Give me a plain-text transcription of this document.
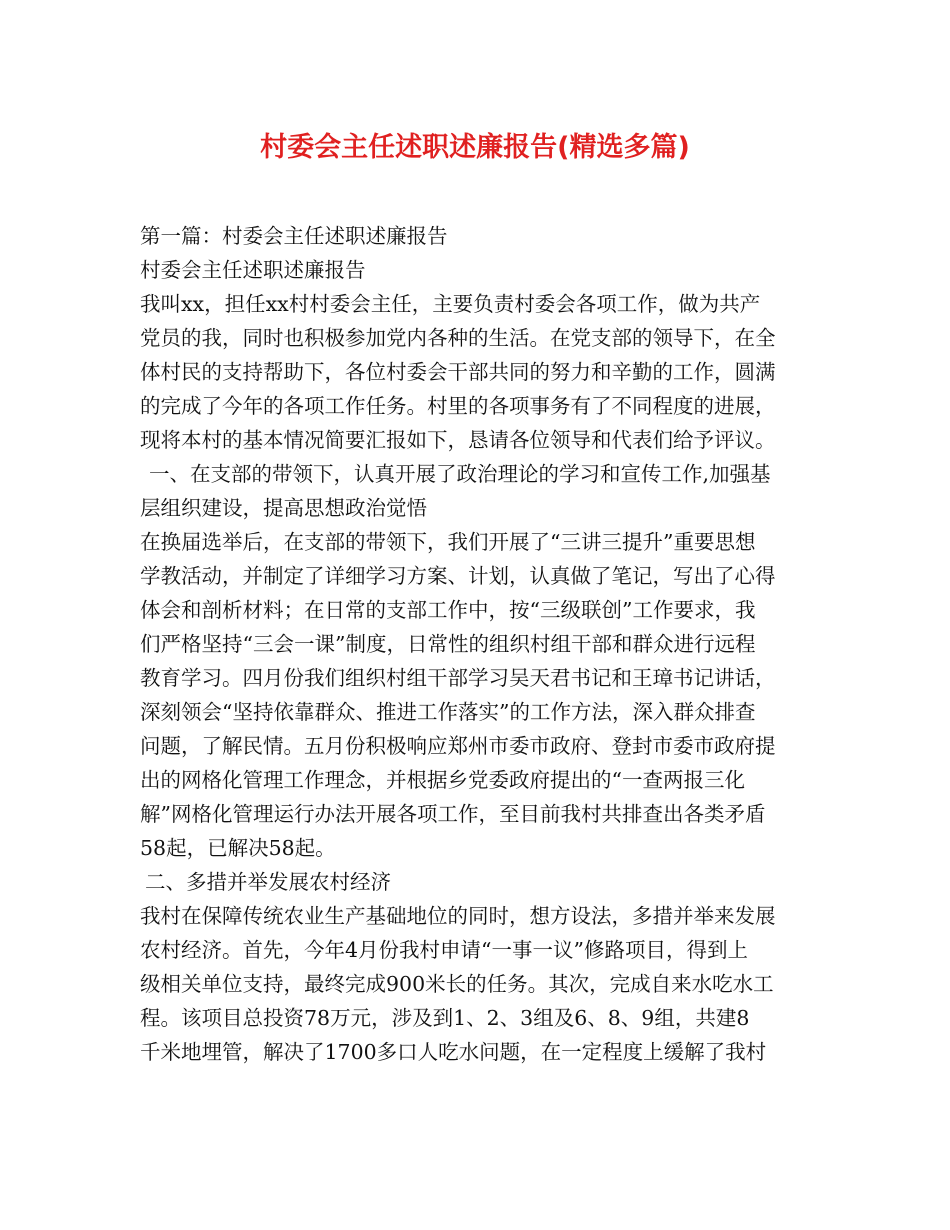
村委会主任述职述廉报告(精选多篇)

第一篇：村委会主任述职述廉报告

村委会主任述职述廉报告

我叫xx，担任xx村村委会主任，主要负责村委会各项工作，做为共产

党员的我，同时也积极参加党内各种的生活。在党支部的领导下，在全

体村民的支持帮助下，各位村委会干部共同的努力和辛勤的工作，圆满

的完成了今年的各项工作任务。村里的各项事务有了不同程度的进展，

现将本村的基本情况简要汇报如下，恳请各位领导和代表们给予评议。

一、在支部的带领下，认真开展了政治理论的学习和宣传工作,加强基

层组织建设，提高思想政治觉悟

在换届选举后，在支部的带领下，我们开展了“三讲三提升”重要思想

学教活动，并制定了详细学习方案、计划，认真做了笔记，写出了心得

体会和剖析材料；在日常的支部工作中，按“三级联创”工作要求，我

们严格坚持“三会一课”制度，日常性的组织村组干部和群众进行远程

教育学习。四月份我们组织村组干部学习吴天君书记和王璋书记讲话，

深刻领会“坚持依靠群众、推进工作落实”的工作方法，深入群众排查

问题，了解民情。五月份积极响应郑州市委市政府、登封市委市政府提

出的网格化管理工作理念，并根据乡党委政府提出的“一查两报三化

解”网格化管理运行办法开展各项工作，至目前我村共排查出各类矛盾

58起，已解决58起。

二、多措并举发展农村经济

我村在保障传统农业生产基础地位的同时，想方设法，多措并举来发展

农村经济。首先，今年4月份我村申请“一事一议”修路项目，得到上

级相关单位支持，最终完成900米长的任务。其次，完成自来水吃水工

程。该项目总投资78万元，涉及到1、2、3组及6、8、9组，共建8

千米地埋管，解决了1700多口人吃水问题，在一定程度上缓解了我村
